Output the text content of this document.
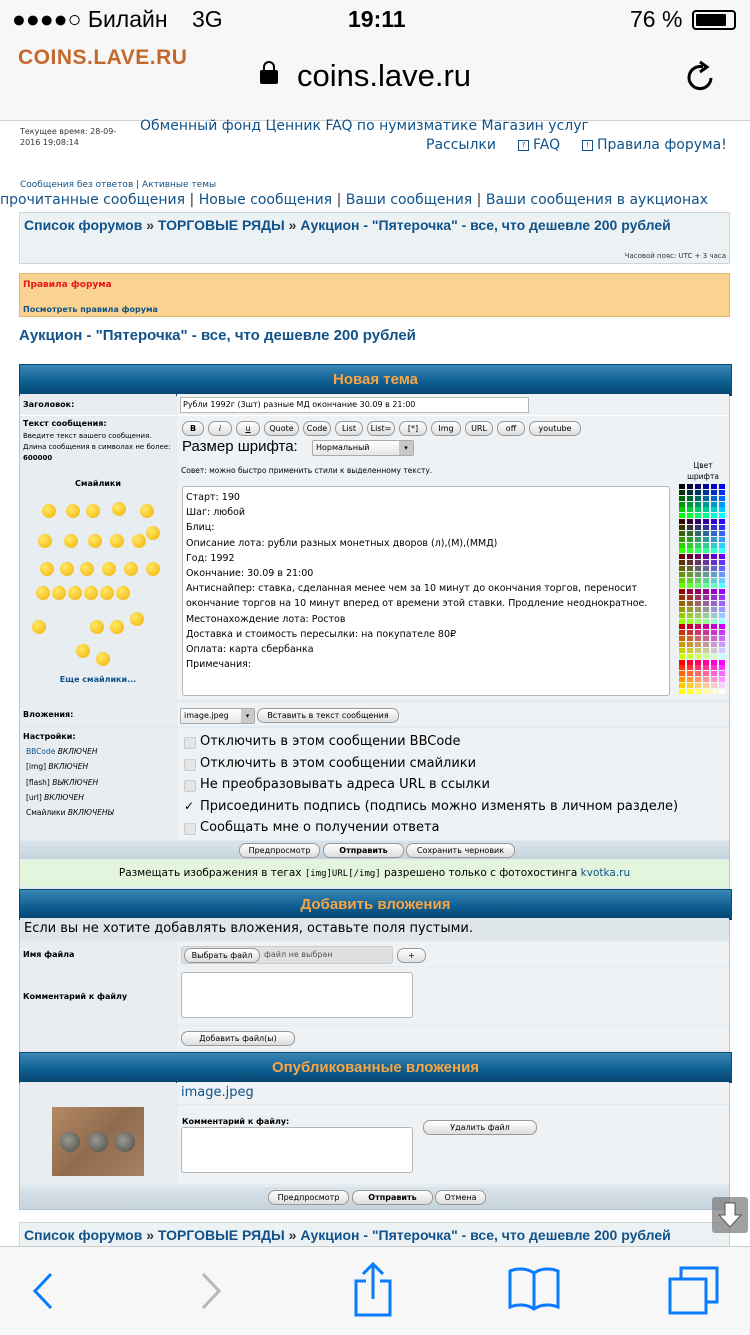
●●●●○ Билайн 3G	19:11	76 %
COINS.LAVE.RU
coins.lave.ru
Текущее время: 28-09-2016 19:08:14
Обменный фонд Ценник FAQ по нумизматике Магазин услуг
Рассылки	? FAQ	! Правила форума!
Сообщения без ответов | Активные темы
прочитанные сообщения | Новые сообщения | Ваши сообщения | Ваши сообщения в аукционах
Список форумов » ТОРГОВЫЕ РЯДЫ » Аукцион - "Пятерочка" - все, что дешевле 200 рублей
Часовой пояс: UTC + 3 часа
Правила форума
Посмотреть правила форума
Аукцион - "Пятерочка" - все, что дешевле 200 рублей
Новая тема
Заголовок:	Рубли 1992г (3шт) разные МД окончание 30.09 в 21:00
Текст сообщения:
Введите текст вашего сообщения. Длина сообщения в символах не более: 600000
Смайлики
Еще смайлики...
B	i	u	Quote	Code	List	List=	[*]	Img	URL	off	youtube
Размер шрифта:	Нормальный	▾
Совет: можно быстро применить стили к выделенному тексту.
Цвет шрифта
Старт: 190
Шаг: любой
Блиц:
Описание лота: рубли разных монетных дворов (л),(М),(ММД)
Год: 1992
Окончание: 30.09 в 21:00
Антиснайпер: ставка, сделанная менее чем за 10 минут до окончания торгов, переносит окончание торгов на 10 минут вперед от времени этой ставки. Продление неоднократное.
Местонахождение лота: Ростов
Доставка и стоимость пересылки: на покупателе 80₽
Оплата: карта сбербанка
Примечания:
Вложения:	image.jpeg	▾	Вставить в текст сообщения
Настройки:
BBCode ВКЛЮЧЕН
[img] ВКЛЮЧЕН
[flash] ВЫКЛЮЧЕН
[url] ВКЛЮЧЕН
Смайлики ВКЛЮЧЕНЫ
Отключить в этом сообщении BBCode
Отключить в этом сообщении смайлики
Не преобразовывать адреса URL в ссылки
✓ Присоединить подпись (подпись можно изменять в личном разделе)
Сообщать мне о получении ответа
Предпросмотр	Отправить	Сохранить черновик
Размещать изображения в тегах [img]URL[/img] разрешено только с фотохостинга kvotka.ru
Добавить вложения
Если вы не хотите добавлять вложения, оставьте поля пустыми.
Имя файла	Выбрать файл	файл не выбран	+
Комментарий к файлу
Добавить файл(ы)
Опубликованные вложения
image.jpeg
Комментарий к файлу:
Удалить файл
Предпросмотр	Отправить	Отмена
Список форумов » ТОРГОВЫЕ РЯДЫ » Аукцион - "Пятерочка" - все, что дешевле 200 рублей
